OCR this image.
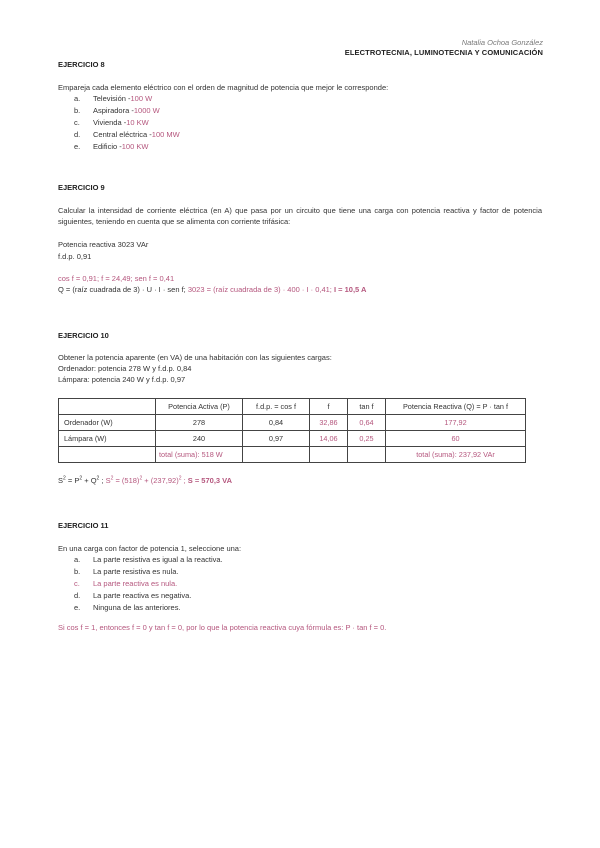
Natalia Ochoa González
ELECTROTECNIA, LUMINOTECNIA Y COMUNICACIÓN
EJERCICIO 8
Empareja cada elemento eléctrico con el orden de magnitud de potencia que mejor le corresponde:
a.	Televisión - 100 W
b.	Aspiradora - 1000 W
c.	Vivienda - 10 KW
d.	Central eléctrica - 100 MW
e.	Edificio - 100 KW
EJERCICIO 9
Calcular la intensidad de corriente eléctrica (en A) que pasa por un circuito que tiene una carga con potencia reactiva y factor de potencia siguientes, teniendo en cuenta que se alimenta con corriente trifásica:
Potencia reactiva 3023 VAr
f.d.p. 0,91
cos f = 0,91; f = 24,49; sen f = 0,41
Q = (raíz cuadrada de 3) · U · I · sen f; 3023 = (raíz cuadrada de 3) · 400 · I · 0,41; I = 10,5 A
EJERCICIO 10
Obtener la potencia aparente (en VA) de una habitación con las siguientes cargas:
Ordenador: potencia 278 W y f.d.p. 0,84
Lámpara: potencia 240 W y f.d.p. 0,97
	Potencia Activa (P)	f.d.p. = cos f	f	tan f	Potencia Reactiva (Q) = P · tan f
Ordenador (W)	278	0,84	32,86	0,64	177,92
Lámpara (W)	240	0,97	14,06	0,25	60
	total (suma): 518 W				total (suma): 237,92 VAr
$S^2 = P^2 + Q^2$ ; $S^2 = (518)^2 + (237,92)^2$ ; S = 570,3 VA
EJERCICIO 11
En una carga con factor de potencia 1, seleccione una:
a.	La parte resistiva es igual a la reactiva.
b.	La parte resistiva es nula.
c.	La parte reactiva es nula.
d.	La parte reactiva es negativa.
e.	Ninguna de las anteriores.
Si cos f = 1, entonces f = 0 y tan f = 0, por lo que la potencia reactiva cuya fórmula es: P · tan f = 0.
